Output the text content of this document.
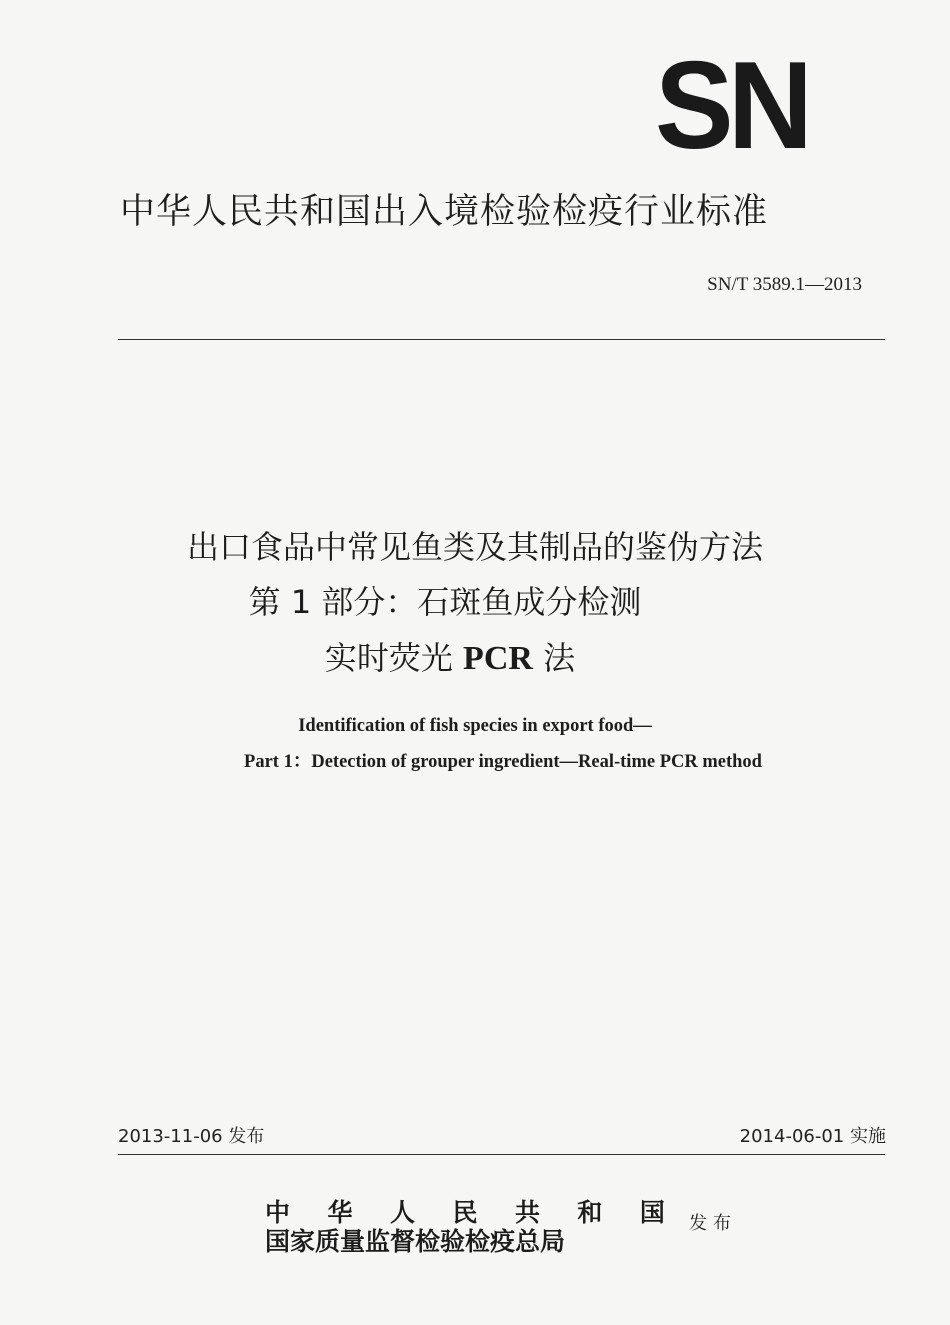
SN
中华人民共和国出入境检验检疫行业标准
SN/T 3589.1—2013
出口食品中常见鱼类及其制品的鉴伪方法
第 1 部分：石斑鱼成分检测
实时荧光 PCR 法
Identification of fish species in export food—
Part 1：Detection of grouper ingredient—Real-time PCR method
2013-11-06 发布	2014-06-01 实施
中 华 人 民 共 和 国
国家质量监督检验检疫总局
发布
